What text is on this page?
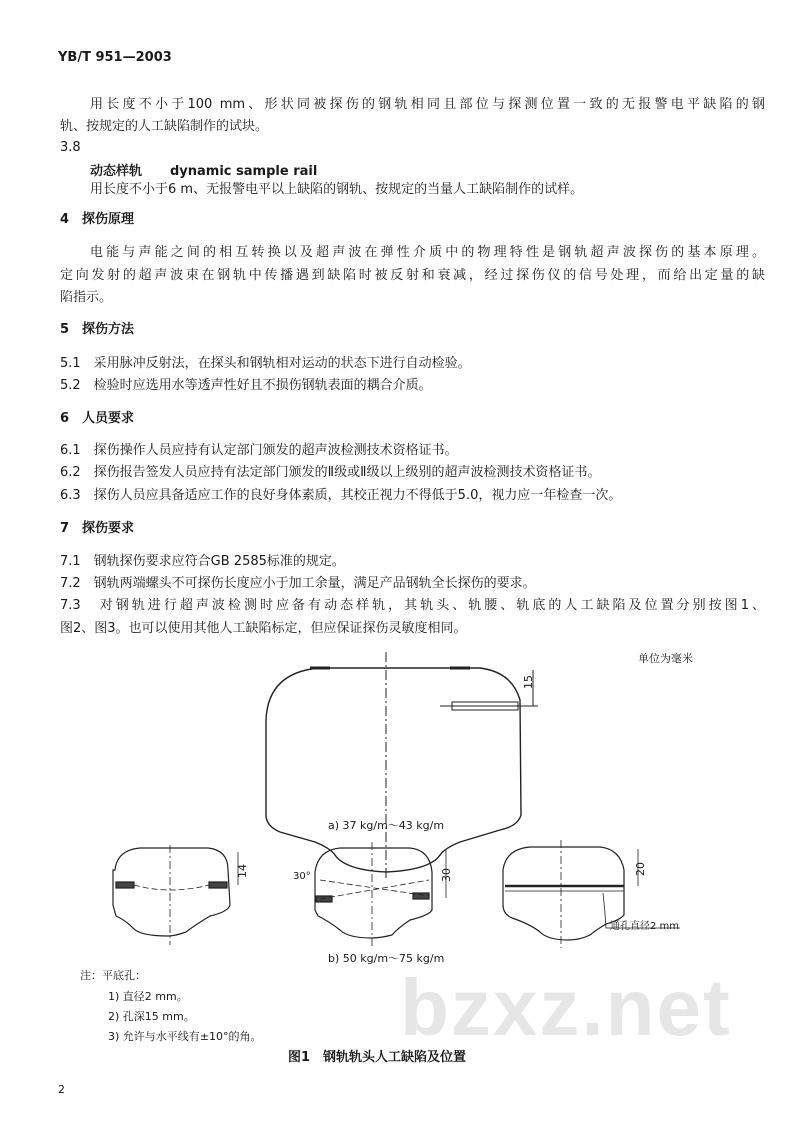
YB/T 951—2003
用长度不小于100 mm、形状同被探伤的钢轨相同且部位与探测位置一致的无报警电平缺陷的钢
轨、按规定的人工缺陷制作的试块。
3.8
动态样轨 dynamic sample rail
用长度不小于6 m、无报警电平以上缺陷的钢轨、按规定的当量人工缺陷制作的试样。
4　探伤原理
电能与声能之间的相互转换以及超声波在弹性介质中的物理特性是钢轨超声波探伤的基本原理。
定向发射的超声波束在钢轨中传播遇到缺陷时被反射和衰减，经过探伤仪的信号处理，而给出定量的缺
陷指示。
5　探伤方法
5.1　采用脉冲反射法，在探头和钢轨相对运动的状态下进行自动检验。
5.2　检验时应选用水等透声性好且不损伤钢轨表面的耦合介质。
6　人员要求
6.1　探伤操作人员应持有认定部门颁发的超声波检测技术资格证书。
6.2　探伤报告签发人员应持有法定部门颁发的Ⅱ级或Ⅱ级以上级别的超声波检测技术资格证书。
6.3　探伤人员应具备适应工作的良好身体素质，其校正视力不得低于5.0，视力应一年检查一次。
7　探伤要求
7.1　钢轨探伤要求应符合GB 2585标准的规定。
7.2　钢轨两端螺头不可探伤长度应小于加工余量，满足产品钢轨全长探伤的要求。
7.3　对钢轨进行超声波检测时应备有动态样轨，其轨头、轨腰、轨底的人工缺陷及位置分别按图1、
图2、图3。也可以使用其他人工缺陷标定，但应保证探伤灵敏度相同。
单位为毫米
15
a) 37 kg/m～43 kg/m
14	30°	30	20
通孔直径2 mm
b) 50 kg/m～75 kg/m
注：平底孔：
1) 直径2 mm。
2) 孔深15 mm。
3) 允许与水平线有±10°的角。 bzxz.net
图1　钢轨轨头人工缺陷及位置
2
